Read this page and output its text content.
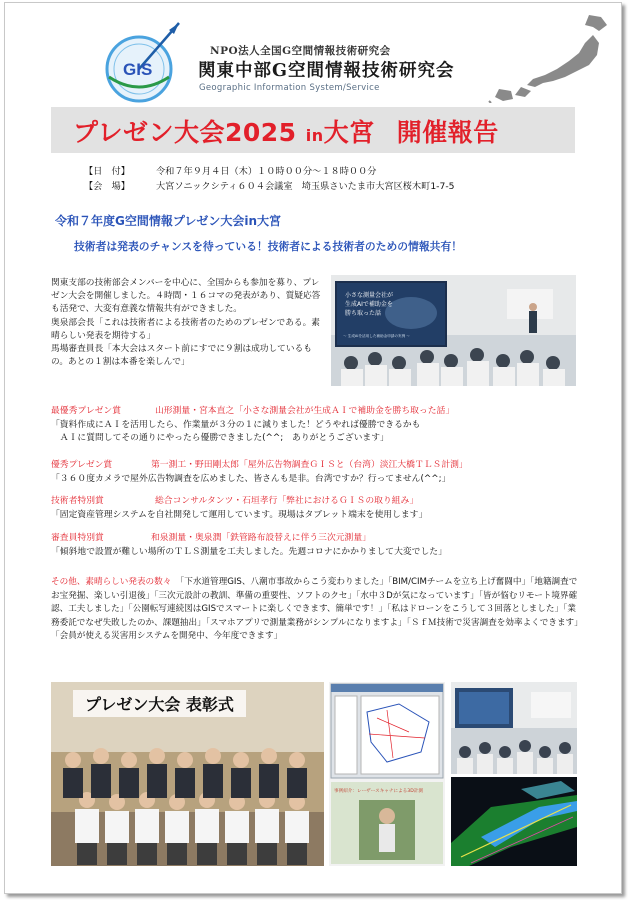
GIS
NPO法人全国G空間情報技術研究会
関東中部G空間情報技術研究会
Geographic Information System/Service
プレゼン大会2025 in大宮 開催報告
【日　付】	令和７年９月４日（木）１０時００分～１８時００分
【会　場】	大宮ソニックシティ６０４会議室　埼玉県さいたま市大宮区桜木町1-7-5
令和７年度G空間情報プレゼン大会in大宮
技術者は発表のチャンスを待っている！技術者による技術者のための情報共有！

関東支部の技術部会メンバーを中心に、全国からも参加を募り、プレゼン大会を開催しました。４時間・１６コマの発表があり、質疑応答も活発で、大変有意義な情報共有ができました。

奥泉部会長「これは技術者による技術者のためのプレゼンである。素晴らしい発表を期待する」

馬場審査員長「本大会はスタート前にすでに９割は成功しているもの。あとの１割は本番を楽しんで」

小さな測量会社が
生成AIで補助金を
勝ち取った話
〜 生成AIを活用した補助金申請の実例 〜
最優秀プレゼン賞	山形測量・宮本直之「小さな測量会社が生成ＡＩで補助金を勝ち取った話」
「資料作成にＡＩを活用したら、作業量が３分の１に減りました！どうやれば優勝できるかも
　ＡＩに質問してその通りにやったら優勝できました(^^;　ありがとうございます」
優秀プレゼン賞	第一測工・野田剛太郎「屋外広告物調査ＧＩＳと（台湾）淡江大橋ＴＬＳ計測」
「３６０度カメラで屋外広告物調査を広めました、皆さんも是非。台湾ですか？行ってません(^^;」
技術者特別賞	総合コンサルタンツ・石垣孝行「弊社におけるＧＩＳの取り組み」
「固定資産管理システムを自社開発して運用しています。現場はタブレット端末を使用します」
審査員特別賞	和泉測量・奥泉潤「鉄管路布設替えに伴う三次元測量」
「傾斜地で設置が難しい場所のＴＬＳ測量を工夫しました。先週コロナにかかりまして大変でした」
その他、素晴らしい発表の数々　 「下水道管理GIS、八潮市事故からこう変わりました」「BIM/CIMチームを立ち上げ奮闘中」「地籍調査でお宝発掘、楽しい引退後」「三次元設計の教訓、準備の重要性、ソフトのクセ」「水中３Dが気になっています」「皆が悩むリモート境界確認、工夫しました」「公園転写連続図はGISでスマートに楽しくできます、簡単です！」「私はドローンをこうして３回落としました」「業務委託でなぜ失敗したのか、課題抽出」「スマホアプリで測量業務がシンプルになりますよ」「ＳｆＭ技術で災害調査を効率よくできます」「会員が使える災害用システムを開発中、今年度できます」
プレゼン大会 表彰式
事例紹介：レーザースキャナによる3D計測
